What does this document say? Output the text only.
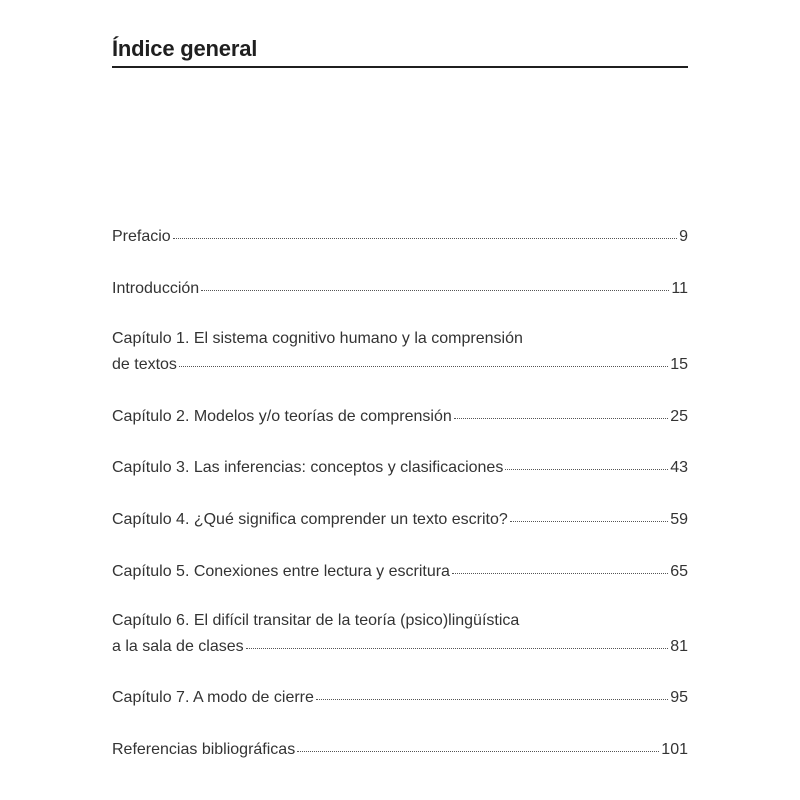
Índice general
Prefacio	9
Introducción	11
Capítulo 1. El sistema cognitivo humano y la comprensión
de textos	15
Capítulo 2. Modelos y/o teorías de comprensión	25
Capítulo 3. Las inferencias: conceptos y clasificaciones	43
Capítulo 4. ¿Qué significa comprender un texto escrito?	59
Capítulo 5. Conexiones entre lectura y escritura	65
Capítulo 6. El difícil transitar de la teoría (psico)lingüística
a la sala de clases	81
Capítulo 7. A modo de cierre	95
Referencias bibliográficas	101
